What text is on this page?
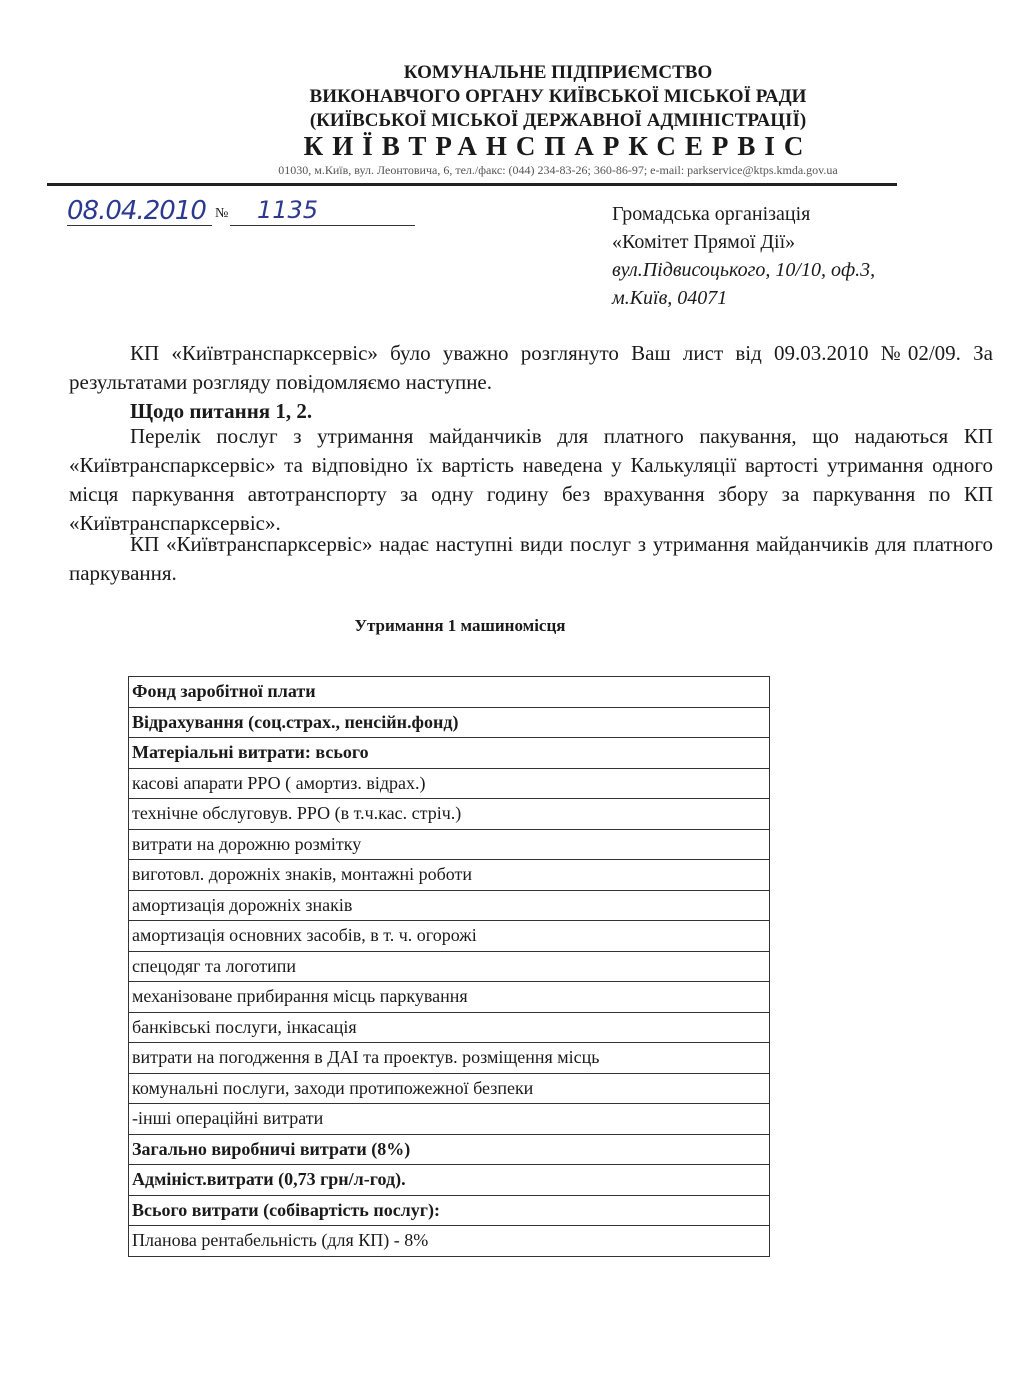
КОМУНАЛЬНЕ ПІДПРИЄМСТВО
ВИКОНАВЧОГО ОРГАНУ КИЇВСЬКОЇ МІСЬКОЇ РАДИ
(КИЇВСЬКОЇ МІСЬКОЇ ДЕРЖАВНОЇ АДМІНІСТРАЦІЇ)
КИЇВТРАНСПАРКСЕРВІС
01030, м.Київ, вул. Леонтовича, 6, тел./факс: (044) 234-83-26; 360-86-97; e-mail: parkservice@ktps.kmda.gov.ua
08.04.2010 № 1135	Громадська організація
«Комітет Прямої Дії»
вул.Підвисоцького, 10/10, оф.3,
м.Київ, 04071
КП «Київтранспарксервіс» було уважно розглянуто Ваш лист від 09.03.2010 №02/09. За результатами розгляду повідомляємо наступне.
Щодо питання 1, 2.
Перелік послуг з утримання майданчиків для платного пакування, що надаються КП «Київтранспарксервіс» та відповідно їх вартість наведена у Калькуляції вартості утримання одного місця паркування автотранспорту за одну годину без врахування збору за паркування по КП «Київтранспарксервіс».
КП «Київтранспарксервіс» надає наступні види послуг з утримання майданчиків для платного паркування.
Утримання 1 машиномісця
Фонд заробітної плати
Відрахування (соц.страх., пенсійн.фонд)
Матеріальні витрати: всього
касові апарати РРО ( амортиз. відрах.)
технічне обслуговув. РРО (в т.ч.кас. стріч.)
витрати на дорожню розмітку
виготовл. дорожніх знаків, монтажні роботи
амортизація дорожніх знаків
амортизація основних засобів, в т. ч. огорожі
спецодяг та логотипи
механізоване прибирання місць паркування
банківські послуги, інкасація
витрати на погодження в ДАІ та проектув. розміщення місць
комунальні послуги, заходи протипожежної безпеки
-інші операційні витрати
Загально виробничі витрати (8%)
Адмініст.витрати (0,73 грн/л-год).
Всього витрати (собівартість послуг):
Планова рентабельність (для КП) - 8%
